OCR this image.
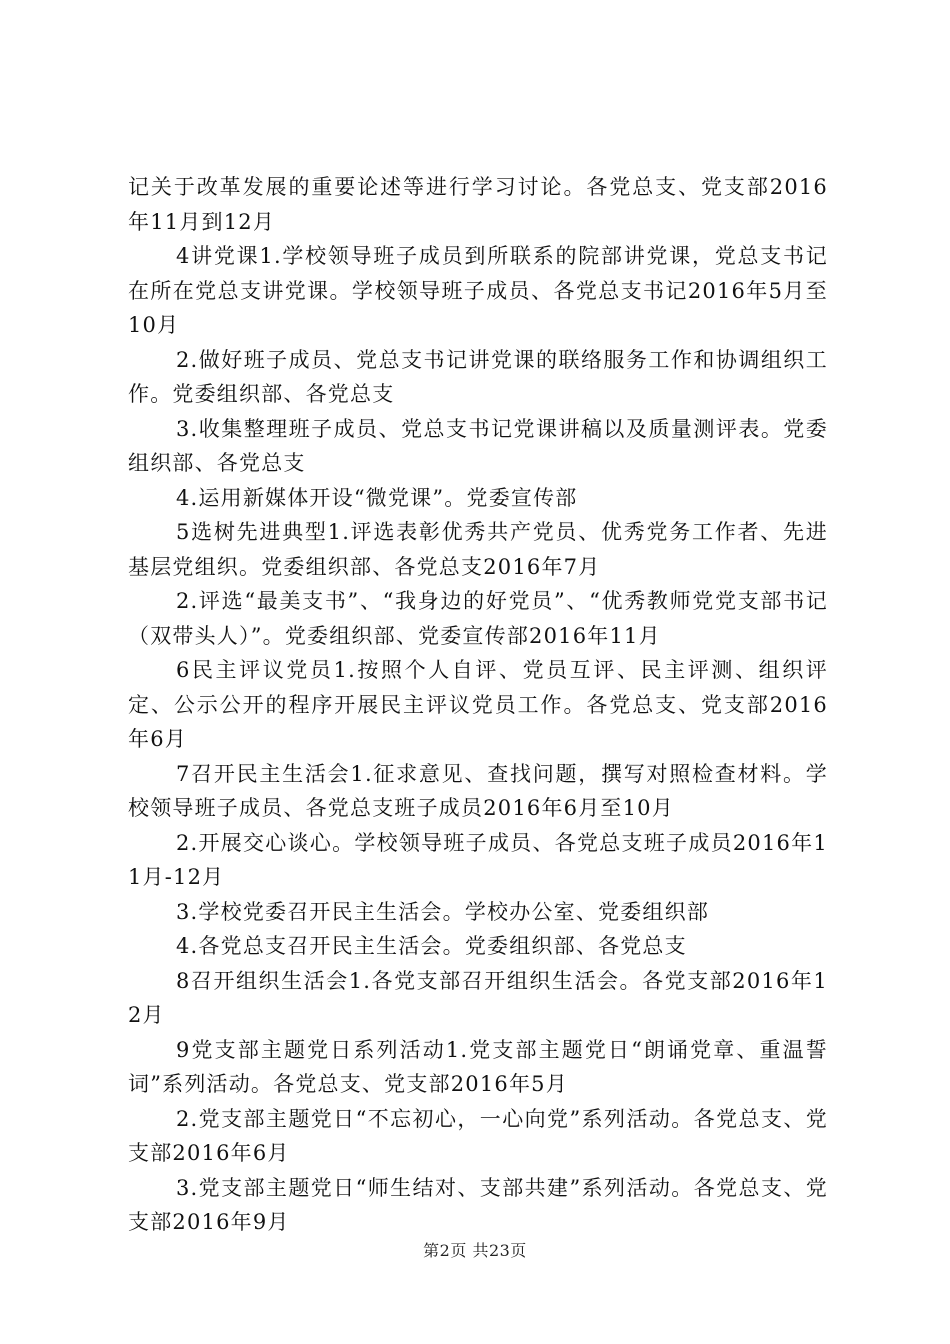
记关于改革发展的重要论述等进行学习讨论。各党总支、党支部2016年11月到12月

4讲党课1.学校领导班子成员到所联系的院部讲党课，党总支书记在所在党总支讲党课。学校领导班子成员、各党总支书记2016年5月至10月

2.做好班子成员、党总支书记讲党课的联络服务工作和协调组织工作。党委组织部、各党总支

3.收集整理班子成员、党总支书记党课讲稿以及质量测评表。党委组织部、各党总支

4.运用新媒体开设“微党课”。党委宣传部

5选树先进典型1.评选表彰优秀共产党员、优秀党务工作者、先进基层党组织。党委组织部、各党总支2016年7月

2.评选“最美支书”、“我身边的好党员”、“优秀教师党党支部书记（双带头人）”。党委组织部、党委宣传部2016年11月

6民主评议党员1.按照个人自评、党员互评、民主评测、组织评定、公示公开的程序开展民主评议党员工作。各党总支、党支部2016年6月

7召开民主生活会1.征求意见、查找问题，撰写对照检查材料。学校领导班子成员、各党总支班子成员2016年6月至10月

2.开展交心谈心。学校领导班子成员、各党总支班子成员2016年11月-12月

3.学校党委召开民主生活会。学校办公室、党委组织部

4.各党总支召开民主生活会。党委组织部、各党总支

8召开组织生活会1.各党支部召开组织生活会。各党支部2016年12月

9党支部主题党日系列活动1.党支部主题党日“朗诵党章、重温誓词”系列活动。各党总支、党支部2016年5月

2.党支部主题党日“不忘初心，一心向党”系列活动。各党总支、党支部2016年6月

3.党支部主题党日“师生结对、支部共建”系列活动。各党总支、党支部2016年9月

第2页 共23页
